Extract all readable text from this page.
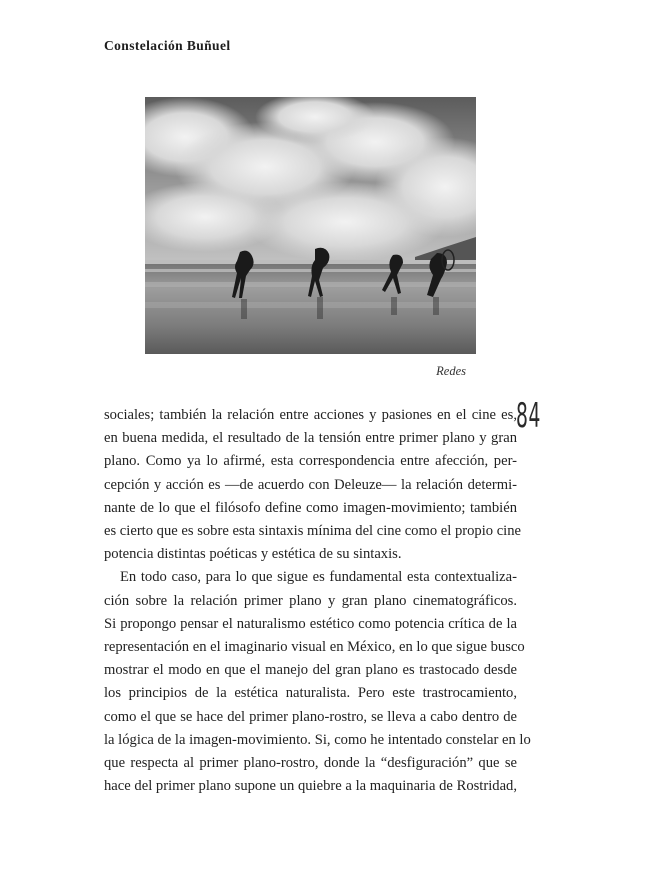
Constelación Buñuel
Redes
84
sociales; también la relación entre acciones y pasiones en el cine es,
en buena medida, el resultado de la tensión entre primer plano y gran
plano. Como ya lo afirmé, esta correspondencia entre afección, per-
cepción y acción es —de acuerdo con Deleuze— la relación determi-
nante de lo que el filósofo define como imagen-movimiento; también
es cierto que es sobre esta sintaxis mínima del cine como el propio cine
potencia distintas poéticas y estética de su sintaxis.
En todo caso, para lo que sigue es fundamental esta contextualiza-
ción sobre la relación primer plano y gran plano cinematográficos.
Si propongo pensar el naturalismo estético como potencia crítica de la
representación en el imaginario visual en México, en lo que sigue busco
mostrar el modo en que el manejo del gran plano es trastocado desde
los principios de la estética naturalista. Pero este trastrocamiento,
como el que se hace del primer plano-rostro, se lleva a cabo dentro de
la lógica de la imagen-movimiento. Si, como he intentado constelar en lo
que respecta al primer plano-rostro, donde la “desfiguración” que se
hace del primer plano supone un quiebre a la maquinaria de Rostridad,
